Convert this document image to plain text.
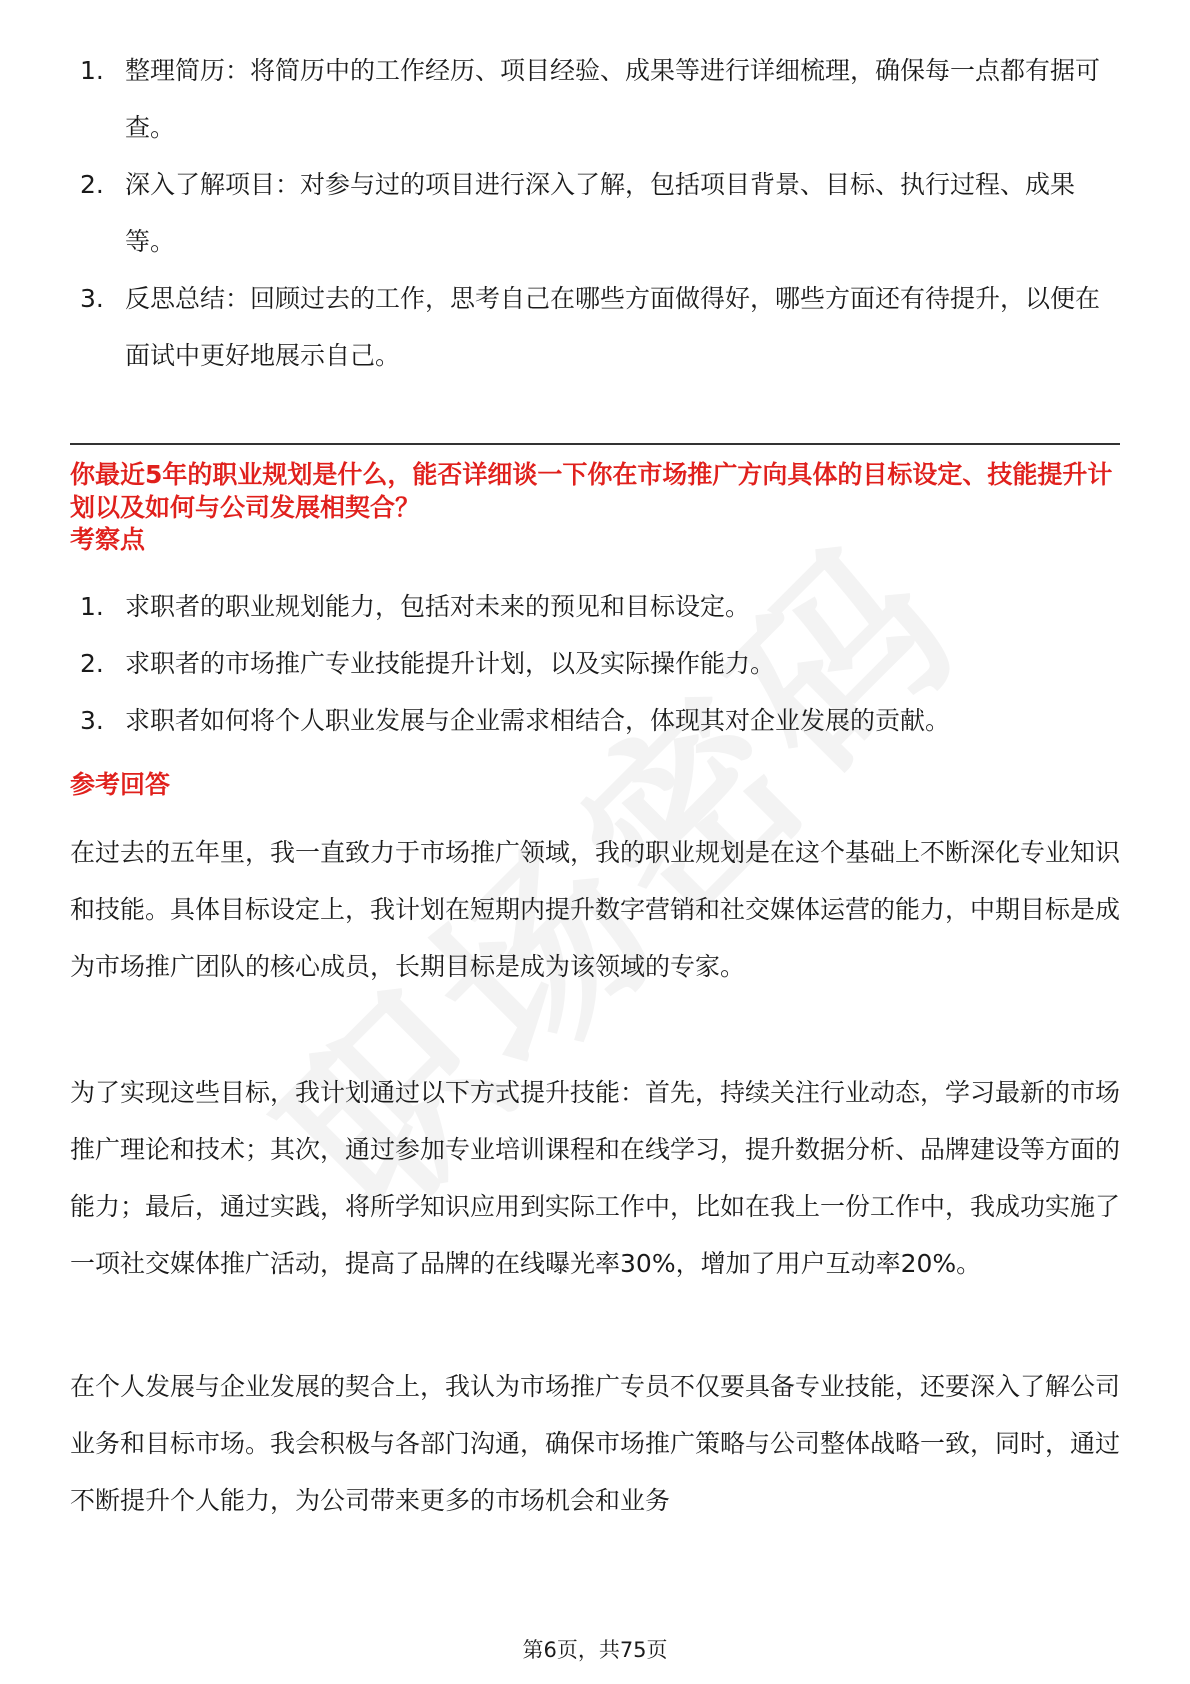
1. 整理简历：将简历中的工作经历、项目经验、成果等进行详细梳理，确保每一点都有据可查。
2. 深入了解项目：对参与过的项目进行深入了解，包括项目背景、目标、执行过程、成果等。
3. 反思总结：回顾过去的工作，思考自己在哪些方面做得好，哪些方面还有待提升，以便在面试中更好地展示自己。
你最近5年的职业规划是什么，能否详细谈一下你在市场推广方向具体的目标设定、技能提升计划以及如何与公司发展相契合？
考察点
1. 求职者的职业规划能力，包括对未来的预见和目标设定。
2. 求职者的市场推广专业技能提升计划，以及实际操作能力。
3. 求职者如何将个人职业发展与企业需求相结合，体现其对企业发展的贡献。
参考回答

在过去的五年里，我一直致力于市场推广领域，我的职业规划是在这个基础上不断深化专业知识和技能。具体目标设定上，我计划在短期内提升数字营销和社交媒体运营的能力，中期目标是成为市场推广团队的核心成员，长期目标是成为该领域的专家。

为了实现这些目标，我计划通过以下方式提升技能：首先，持续关注行业动态，学习最新的市场推广理论和技术；其次，通过参加专业培训课程和在线学习，提升数据分析、品牌建设等方面的能力；最后，通过实践，将所学知识应用到实际工作中，比如在我上一份工作中，我成功实施了一项社交媒体推广活动，提高了品牌的在线曝光率30%，增加了用户互动率20%。

在个人发展与企业发展的契合上，我认为市场推广专员不仅要具备专业技能，还要深入了解公司业务和目标市场。我会积极与各部门沟通，确保市场推广策略与公司整体战略一致，同时，通过不断提升个人能力，为公司带来更多的市场机会和业务

第6页，共75页
